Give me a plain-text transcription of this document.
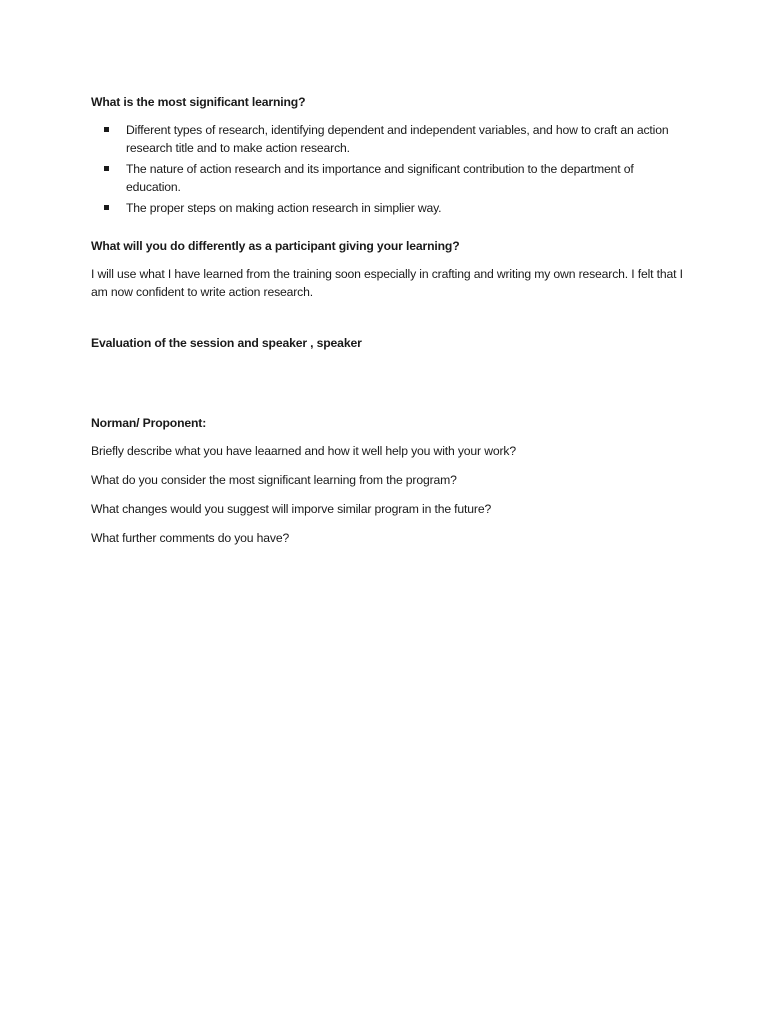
What is the most significant learning?

Different types of research, identifying dependent and independent variables, and how to craft an action research title and to make action research.
The nature of action research and its importance and significant contribution to the department of education.
The proper steps on making action research in simplier way.

What will you do differently as a participant giving your learning?

I will use what I have learned from the training soon especially in crafting and writing my own research. I felt that I am now confident to write action research.

Evaluation of the session and speaker , speaker

Norman/ Proponent:

Briefly describe what you have leaarned and how it well help you with your work?

What do you consider the most significant learning from the program?

What changes would you suggest will imporve similar program in the future?

What further comments do you have?
